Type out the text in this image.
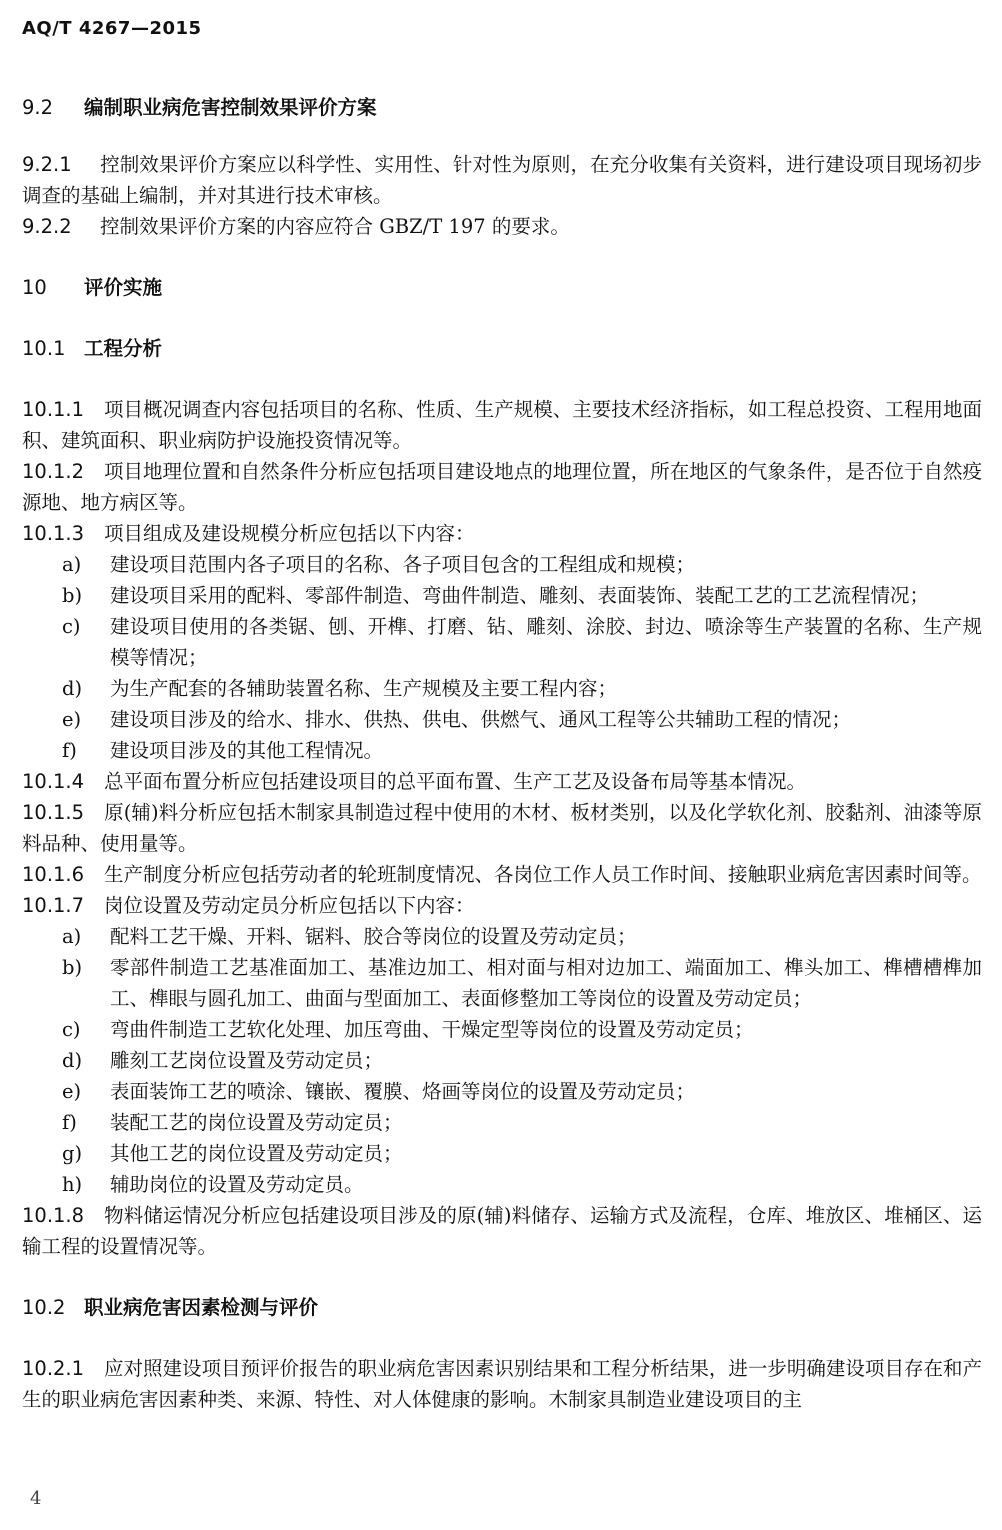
AQ/T 4267—2015

9.2 编制职业病危害控制效果评价方案

9.2.1 控制效果评价方案应以科学性、实用性、针对性为原则，在充分收集有关资料，进行建设项目现场初步调查的基础上编制，并对其进行技术审核。

9.2.2 控制效果评价方案的内容应符合 GBZ/T 197 的要求。

10 评价实施

10.1 工程分析

10.1.1 项目概况调查内容包括项目的名称、性质、生产规模、主要技术经济指标，如工程总投资、工程用地面积、建筑面积、职业病防护设施投资情况等。

10.1.2 项目地理位置和自然条件分析应包括项目建设地点的地理位置，所在地区的气象条件，是否位于自然疫源地、地方病区等。

10.1.3 项目组成及建设规模分析应包括以下内容：

a) 建设项目范围内各子项目的名称、各子项目包含的工程组成和规模；
b) 建设项目采用的配料、零部件制造、弯曲件制造、雕刻、表面装饰、装配工艺的工艺流程情况；
c) 建设项目使用的各类锯、刨、开榫、打磨、钻、雕刻、涂胶、封边、喷涂等生产装置的名称、生产规模等情况；
d) 为生产配套的各辅助装置名称、生产规模及主要工程内容；
e) 建设项目涉及的给水、排水、供热、供电、供燃气、通风工程等公共辅助工程的情况；
f) 建设项目涉及的其他工程情况。

10.1.4 总平面布置分析应包括建设项目的总平面布置、生产工艺及设备布局等基本情况。

10.1.5 原(辅)料分析应包括木制家具制造过程中使用的木材、板材类别，以及化学软化剂、胶黏剂、油漆等原料品种、使用量等。

10.1.6 生产制度分析应包括劳动者的轮班制度情况、各岗位工作人员工作时间、接触职业病危害因素时间等。

10.1.7 岗位设置及劳动定员分析应包括以下内容：

a) 配料工艺干燥、开料、锯料、胶合等岗位的设置及劳动定员；
b) 零部件制造工艺基准面加工、基准边加工、相对面与相对边加工、端面加工、榫头加工、榫槽槽榫加工、榫眼与圆孔加工、曲面与型面加工、表面修整加工等岗位的设置及劳动定员；
c) 弯曲件制造工艺软化处理、加压弯曲、干燥定型等岗位的设置及劳动定员；
d) 雕刻工艺岗位设置及劳动定员；
e) 表面装饰工艺的喷涂、镶嵌、覆膜、烙画等岗位的设置及劳动定员；
f) 装配工艺的岗位设置及劳动定员；
g) 其他工艺的岗位设置及劳动定员；
h) 辅助岗位的设置及劳动定员。

10.1.8 物料储运情况分析应包括建设项目涉及的原(辅)料储存、运输方式及流程，仓库、堆放区、堆桶区、运输工程的设置情况等。

10.2 职业病危害因素检测与评价

10.2.1 应对照建设项目预评价报告的职业病危害因素识别结果和工程分析结果，进一步明确建设项目存在和产生的职业病危害因素种类、来源、特性、对人体健康的影响。木制家具制造业建设项目的主

4
